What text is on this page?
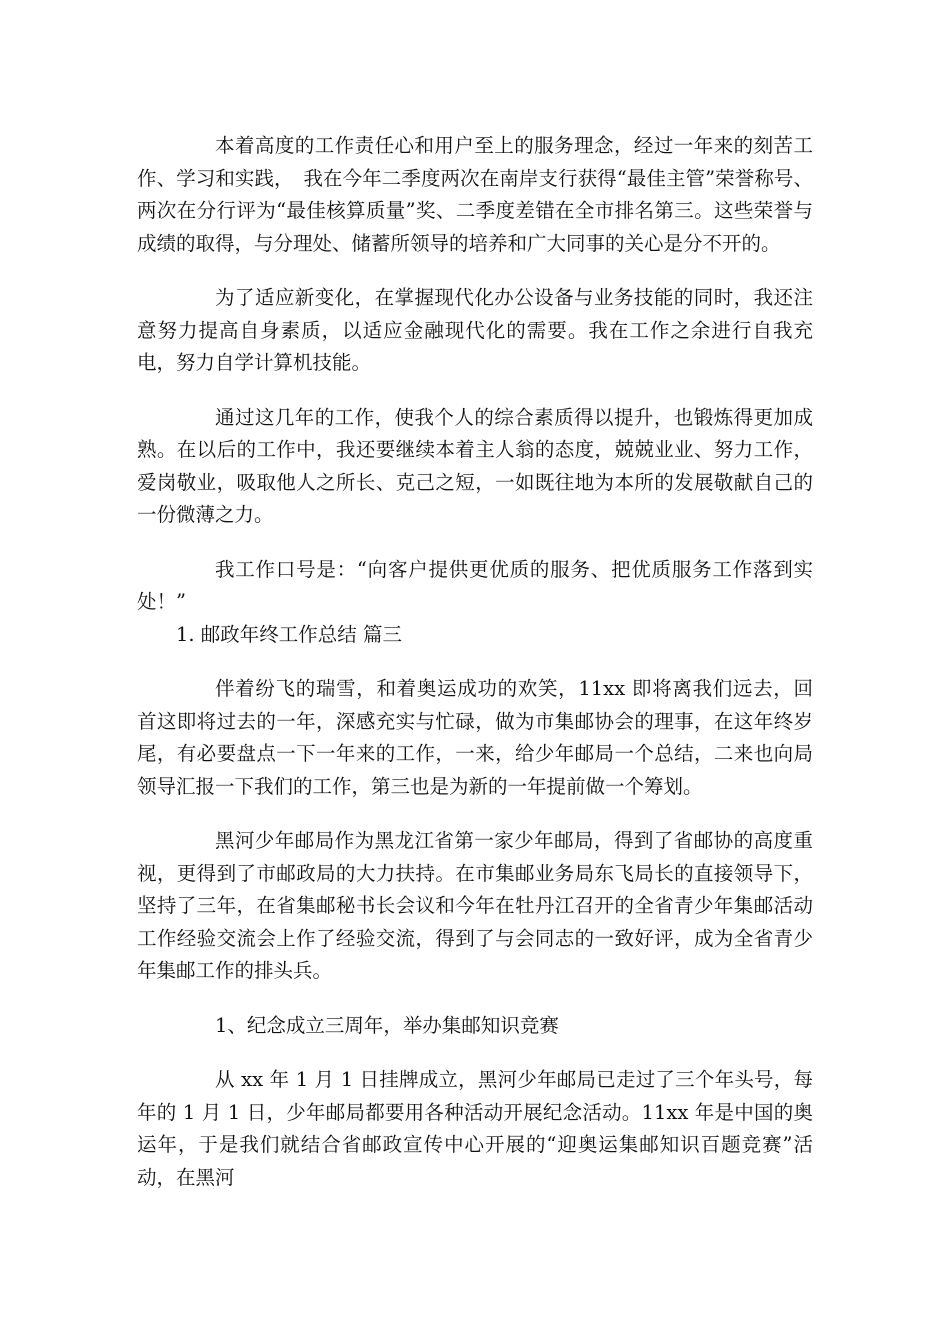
本着高度的工作责任心和用户至上的服务理念，经过一年来的刻苦工作、学习和实践，　我在今年二季度两次在南岸支行获得“最佳主管”荣誉称号、两次在分行评为“最佳核算质量”奖、二季度差错在全市排名第三。这些荣誉与成绩的取得，与分理处、储蓄所领导的培养和广大同事的关心是分不开的。

为了适应新变化，在掌握现代化办公设备与业务技能的同时，我还注意努力提高自身素质，以适应金融现代化的需要。我在工作之余进行自我充电，努力自学计算机技能。

通过这几年的工作，使我个人的综合素质得以提升，也锻炼得更加成熟。在以后的工作中，我还要继续本着主人翁的态度，兢兢业业、努力工作，爱岗敬业，吸取他人之所长、克己之短，一如既往地为本所的发展敬献自己的一份微薄之力。

我工作口号是：“向客户提供更优质的服务、把优质服务工作落到实处！”

1. 邮政年终工作总结 篇三

伴着纷飞的瑞雪，和着奥运成功的欢笑，11xx 即将离我们远去，回首这即将过去的一年，深感充实与忙碌，做为市集邮协会的理事，在这年终岁尾，有必要盘点一下一年来的工作，一来，给少年邮局一个总结，二来也向局领导汇报一下我们的工作，第三也是为新的一年提前做一个筹划。

黑河少年邮局作为黑龙江省第一家少年邮局，得到了省邮协的高度重视，更得到了市邮政局的大力扶持。在市集邮业务局东飞局长的直接领导下，坚持了三年，在省集邮秘书长会议和今年在牡丹江召开的全省青少年集邮活动工作经验交流会上作了经验交流，得到了与会同志的一致好评，成为全省青少年集邮工作的排头兵。

1、纪念成立三周年，举办集邮知识竞赛

从 xx 年 1 月 1 日挂牌成立，黑河少年邮局已走过了三个年头号，每年的 1 月 1 日，少年邮局都要用各种活动开展纪念活动。11xx 年是中国的奥运年，于是我们就结合省邮政宣传中心开展的“迎奥运集邮知识百题竞赛”活动，在黑河
